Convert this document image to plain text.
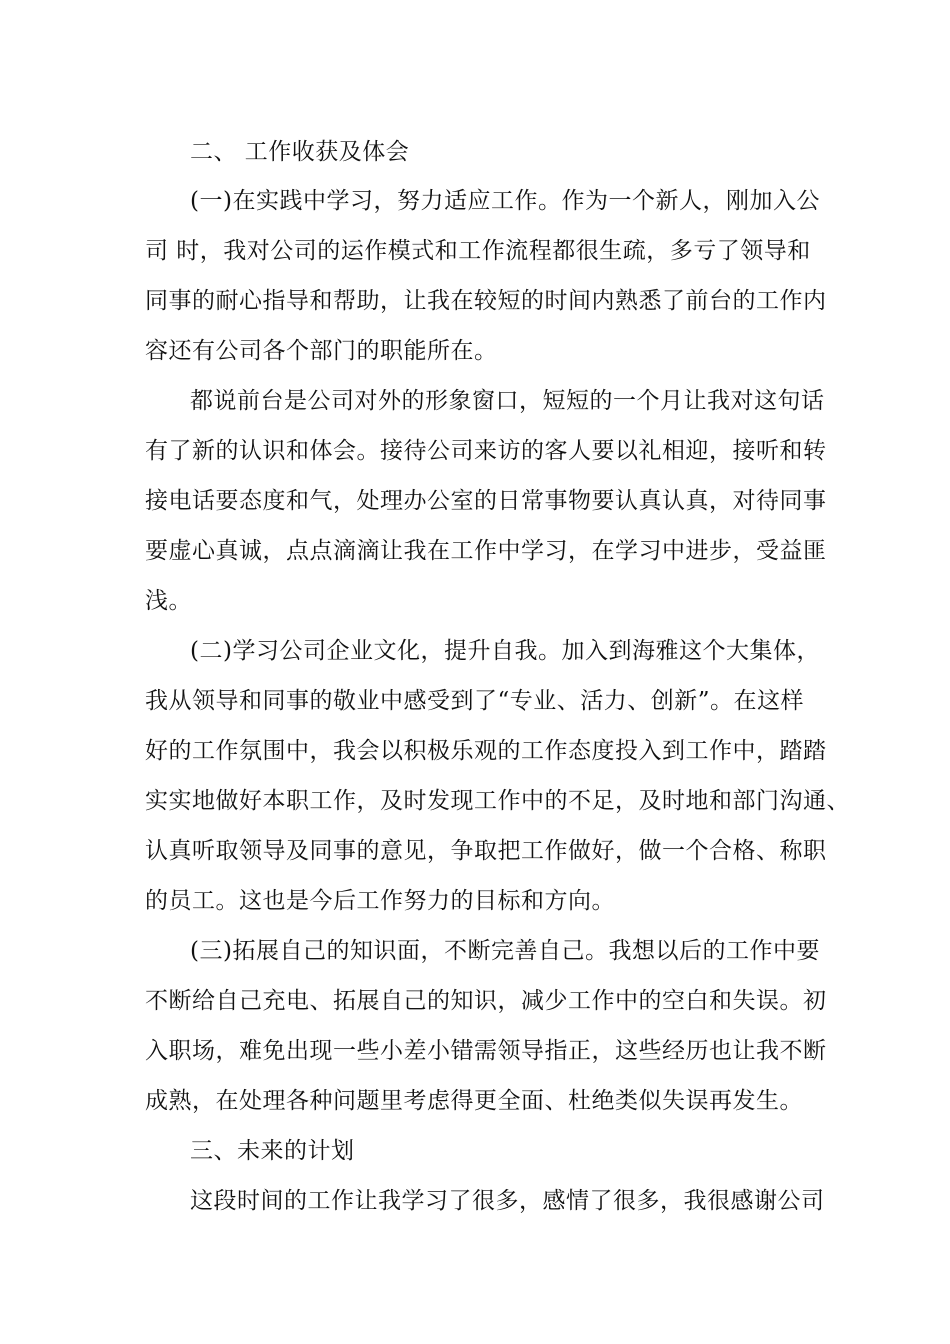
二、 工作收获及体会
(一)在实践中学习，努力适应工作。作为一个新人，刚加入公
司 时，我对公司的运作模式和工作流程都很生疏，多亏了领导和
同事的耐心指导和帮助，让我在较短的时间内熟悉了前台的工作内
容还有公司各个部门的职能所在。
都说前台是公司对外的形象窗口，短短的一个月让我对这句话
有了新的认识和体会。接待公司来访的客人要以礼相迎，接听和转
接电话要态度和气，处理办公室的日常事物要认真认真，对待同事
要虚心真诚，点点滴滴让我在工作中学习，在学习中进步，受益匪
浅。
(二)学习公司企业文化，提升自我。加入到海雅这个大集体，
我从领导和同事的敬业中感受到了“专业、活力、创新”。在这样
好的工作氛围中，我会以积极乐观的工作态度投入到工作中，踏踏
实实地做好本职工作，及时发现工作中的不足，及时地和部门沟通、
认真听取领导及同事的意见，争取把工作做好，做一个合格、称职
的员工。这也是今后工作努力的目标和方向。
(三)拓展自己的知识面，不断完善自己。我想以后的工作中要
不断给自己充电、拓展自己的知识，减少工作中的空白和失误。初
入职场，难免出现一些小差小错需领导指正，这些经历也让我不断
成熟，在处理各种问题里考虑得更全面、杜绝类似失误再发生。
三、未来的计划
这段时间的工作让我学习了很多，感情了很多，我很感谢公司
